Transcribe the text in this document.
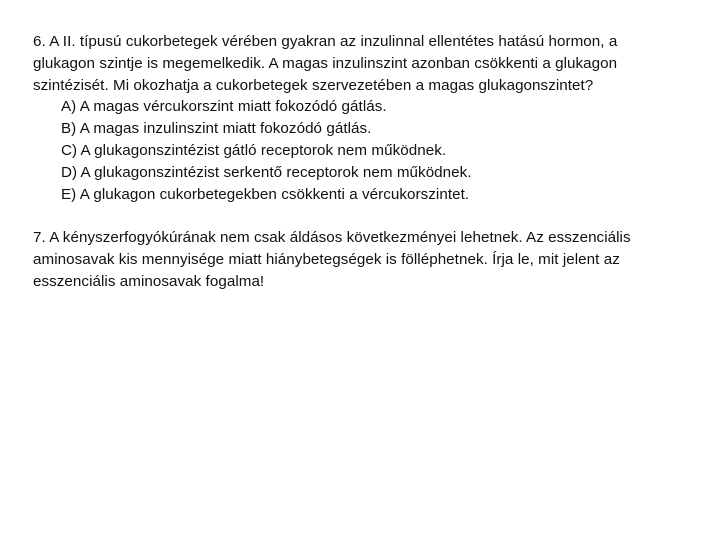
6. A II. típusú cukorbetegek vérében gyakran az inzulinnal ellentétes hatású hormon, a
glukagon szintje is megemelkedik. A magas inzulinszint azonban csökkenti a glukagon
szintézisét. Mi okozhatja a cukorbetegek szervezetében a magas glukagonszintet?
A) A magas vércukorszint miatt fokozódó gátlás.
B) A magas inzulinszint miatt fokozódó gátlás.
C) A glukagonszintézist gátló receptorok nem működnek.
D) A glukagonszintézist serkentő receptorok nem működnek.
E) A glukagon cukorbetegekben csökkenti a vércukorszintet.
7. A kényszerfogyókúrának nem csak áldásos következményei lehetnek. Az esszenciális
aminosavak kis mennyisége miatt hiánybetegségek is fölléphetnek. Írja le, mit jelent az
esszenciális aminosavak fogalma!
